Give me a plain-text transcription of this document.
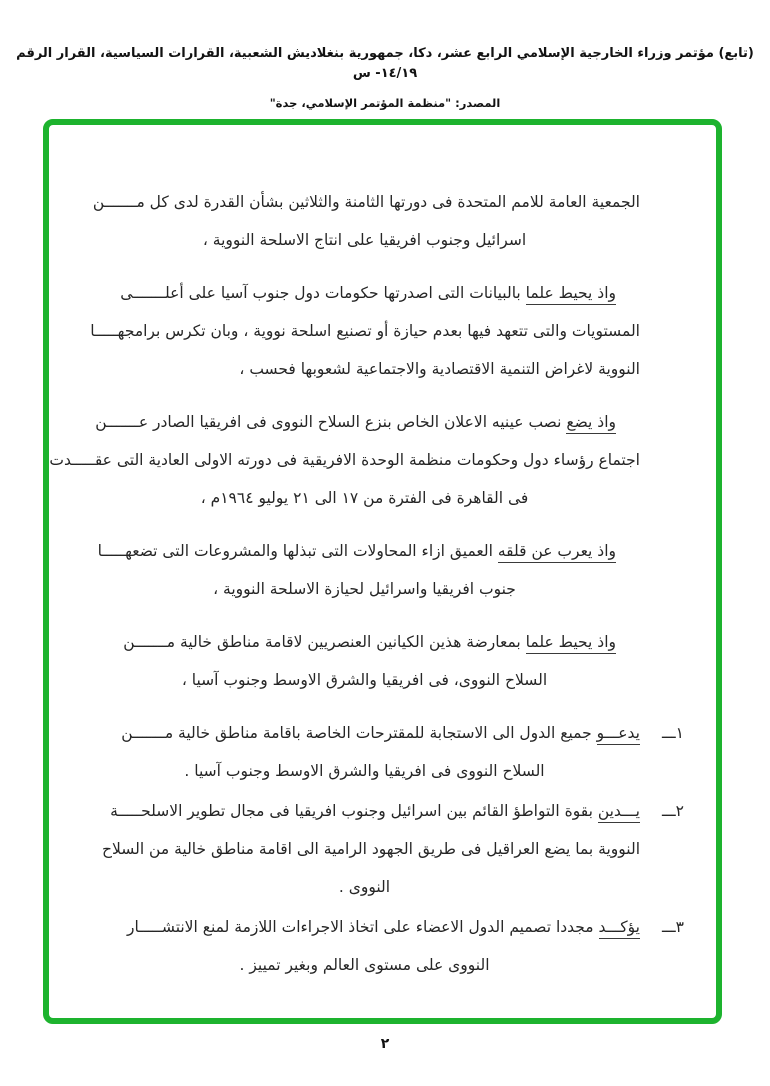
(تابع) مؤتمر وزراء الخارجية الإسلامي الرابع عشر، دكا، جمهورية بنغلاديش الشعبية، القرارات السياسية، القرار الرقم ١٤/١٩- س
المصدر: "منظمة المؤتمر الإسلامي، جدة"
الجمعية العامة للامم المتحدة فى دورتها الثامنة والثلاثين بشأن القدرة لدى كل مـــــــن
اسرائيل وجنوب افريقيا على انتاج الاسلحة النووية ،
واذ يحيط علما بالبيانات التى اصدرتها حكومات دول جنوب آسيا على أعلـــــــى
المستويات والتى تتعهد فيها بعدم حيازة أو تصنيع اسلحة نووية ، وبان تكرس برامجهـــــا
النووية لاغراض التنمية الاقتصادية والاجتماعية لشعوبها فحسب ،
واذ يضع نصب عينيه الاعلان الخاص بنزع السلاح النووى فى افريقيا الصادر عـــــــن
اجتماع رؤساء دول وحكومات منظمة الوحدة الافريقية فى دورته الاولى العادية التى عقـــــدت
فى القاهرة فى الفترة من ١٧ الى ٢١ يوليو ١٩٦٤م ،
واذ يعرب عن قلقه العميق ازاء المحاولات التى تبذلها والمشروعات التى تضعهـــــا
جنوب افريقيا واسرائيل لحيازة الاسلحة النووية ،
واذ يحيط علما بمعارضة هذين الكيانين العنصريين لاقامة مناطق خالية مـــــــن
السلاح النووى، فى افريقيا والشرق الاوسط وجنوب آسيا ،
١ـــ
يدعـــو جميع الدول الى الاستجابة للمقترحات الخاصة باقامة مناطق خالية مـــــــن
السلاح النووى فى افريقيا والشرق الاوسط وجنوب آسيا .
٢ـــ
يـــدين بقوة التواطؤ القائم بين اسرائيل وجنوب افريقيا فى مجال تطوير الاسلحـــــة
النووية بما يضع العراقيل فى طريق الجهود الرامية الى اقامة مناطق خالية من السلاح
النووى .
٣ـــ
يؤكـــد مجددا تصميم الدول الاعضاء على اتخاذ الاجراءات اللازمة لمنع الانتشـــــار
النووى على مستوى العالم وبغير تمييز .
٢
